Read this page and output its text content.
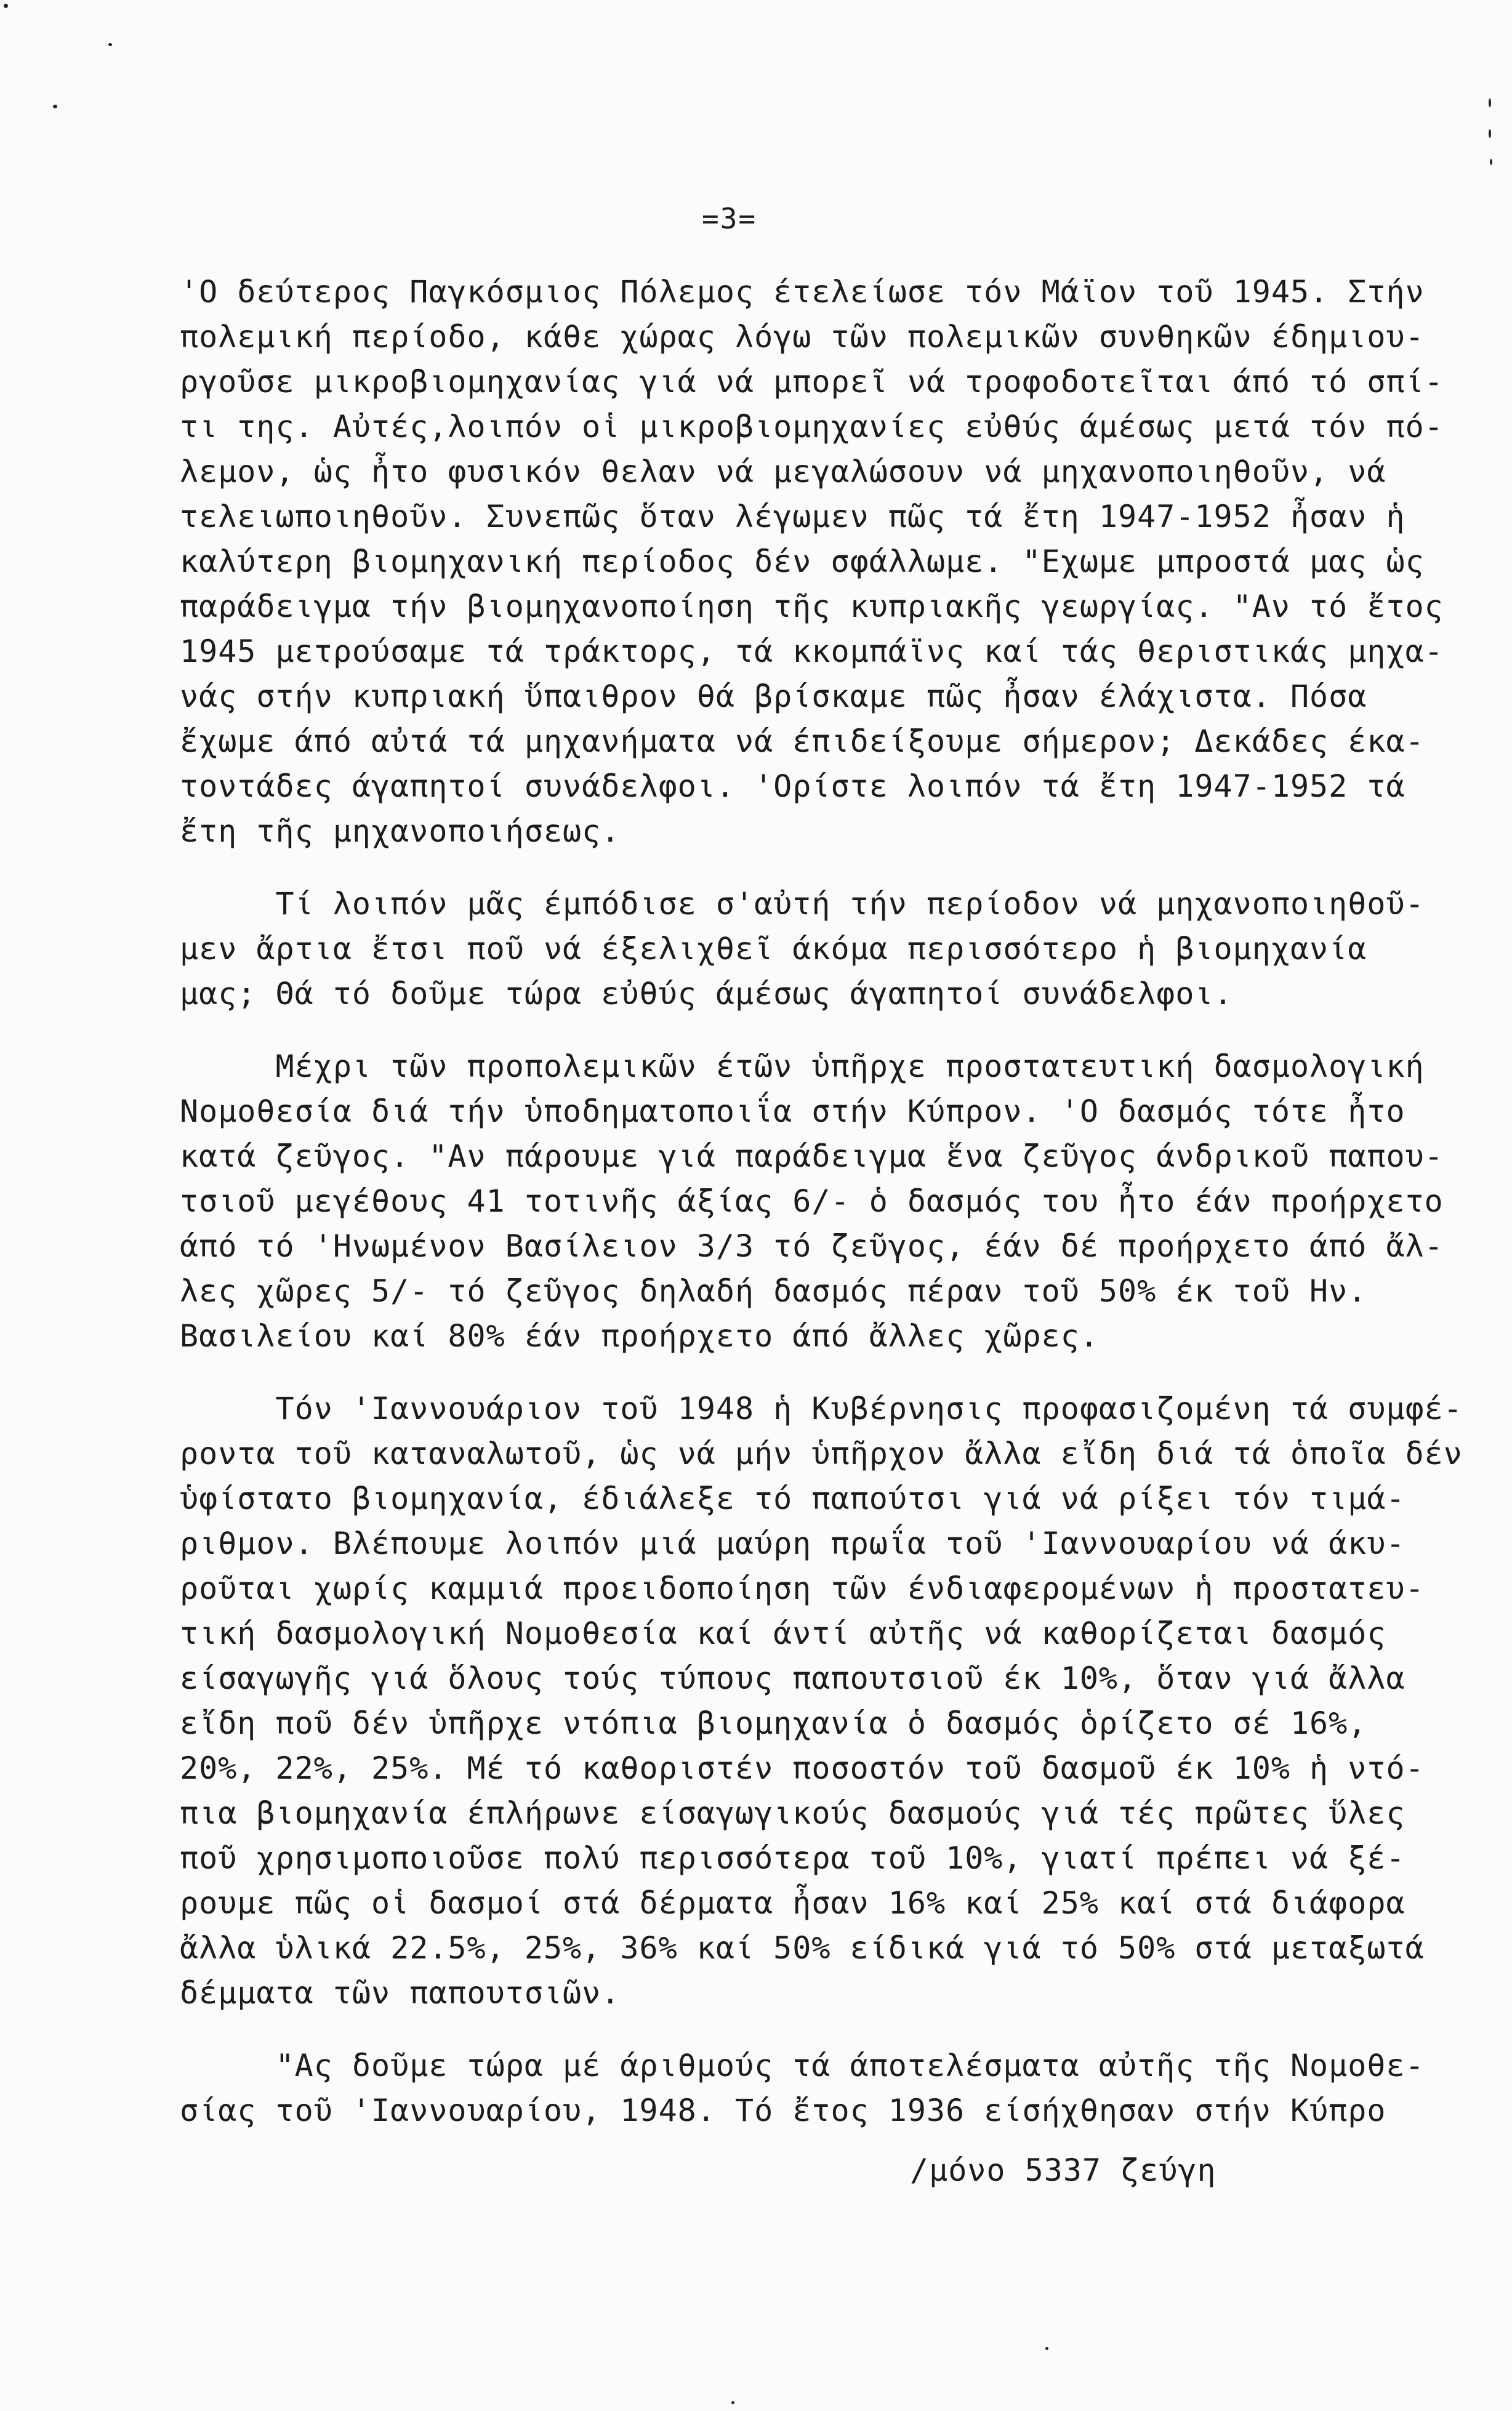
=3=
'Ο δεύτερος Παγκόσμιος Πόλεμος έτελείωσε τόν Μάϊον τοῦ 1945. Στήν
πολεμική περίοδο, κάθε χώρας λόγω τῶν πολεμικῶν συνθηκῶν έδημιου-
ργοῦσε μικροβιομηχανίας γιά νά μπορεῖ νά τροφοδοτεῖται άπό τό σπί-
τι της. Αὐτές,λοιπόν οἱ μικροβιομηχανίες εὐθύς άμέσως μετά τόν πό-
λεμον, ὡς ἦτο φυσικόν θελαν νά μεγαλώσουν νά μηχανοποιηθοῦν, νά
τελειωποιηθοῦν. Συνεπῶς ὅταν λέγωμεν πῶς τά ἔτη 1947-1952 ἦσαν ἡ
καλύτερη βιομηχανική περίοδος δέν σφάλλωμε. "Εχωμε μπροστά μας ὡς
παράδειγμα τήν βιομηχανοποίηση τῆς κυπριακῆς γεωργίας. "Αν τό ἔτος
1945 μετρούσαμε τά τράκτορς, τά κκομπάϊνς καί τάς θεριστικάς μηχα-
νάς στήν κυπριακή ὕπαιθρον θά βρίσκαμε πῶς ἦσαν έλάχιστα. Πόσα
ἔχωμε άπό αὐτά τά μηχανήματα νά έπιδείξουμε σήμερον; Δεκάδες έκα-
τοντάδες άγαπητοί συνάδελφοι. 'Ορίστε λοιπόν τά ἔτη 1947-1952 τά
ἔτη τῆς μηχανοποιήσεως.
Τί λοιπόν μᾶς έμπόδισε σ'αὐτή τήν περίοδον νά μηχανοποιηθοῦ-
μεν ἄρτια ἔτσι ποῦ νά έξελιχθεῖ άκόμα περισσότερο ἡ βιομηχανία
μας; Θά τό δοῦμε τώρα εὐθύς άμέσως άγαπητοί συνάδελφοι.
Μέχρι τῶν προπολεμικῶν έτῶν ὑπῆρχε προστατευτική δασμολογική
Νομοθεσία διά τήν ὑποδηματοποιΐα στήν Κύπρον. 'Ο δασμός τότε ἦτο
κατά ζεῦγος. "Αν πάρουμε γιά παράδειγμα ἕνα ζεῦγος άνδρικοῦ παπου-
τσιοῦ μεγέθους 41 τοτινῆς άξίας 6/- ὁ δασμός του ἦτο έάν προήρχετο
άπό τό 'Ηνωμένον Βασίλειον 3/3 τό ζεῦγος, έάν δέ προήρχετο άπό ἄλ-
λες χῶρες 5/- τό ζεῦγος δηλαδή δασμός πέραν τοῦ 50% έκ τοῦ Ην.
Βασιλείου καί 80% έάν προήρχετο άπό ἄλλες χῶρες.
Τόν 'Ιαννουάριον τοῦ 1948 ἡ Κυβέρνησις προφασιζομένη τά συμφέ-
ροντα τοῦ καταναλωτοῦ, ὡς νά μήν ὑπῆρχον ἄλλα εἴδη διά τά ὁποῖα δέν
ὑφίστατο βιομηχανία, έδιάλεξε τό παπούτσι γιά νά ρίξει τόν τιμά-
ριθμον. Βλέπουμε λοιπόν μιά μαύρη πρωΐα τοῦ 'Ιαννουαρίου νά άκυ-
ροῦται χωρίς καμμιά προειδοποίηση τῶν ένδιαφερομένων ἡ προστατευ-
τική δασμολογική Νομοθεσία καί άντί αὐτῆς νά καθορίζεται δασμός
είσαγωγῆς γιά ὅλους τούς τύπους παπουτσιοῦ έκ 10%, ὅταν γιά ἄλλα
εἴδη ποῦ δέν ὑπῆρχε ντόπια βιομηχανία ὁ δασμός ὁρίζετο σέ 16%,
20%, 22%, 25%. Μέ τό καθοριστέν ποσοστόν τοῦ δασμοῦ έκ 10% ἡ ντό-
πια βιομηχανία έπλήρωνε είσαγωγικούς δασμούς γιά τές πρῶτες ὕλες
ποῦ χρησιμοποιοῦσε πολύ περισσότερα τοῦ 10%, γιατί πρέπει νά ξέ-
ρουμε πῶς οἱ δασμοί στά δέρματα ἦσαν 16% καί 25% καί στά διάφορα
ἄλλα ὑλικά 22.5%, 25%, 36% καί 50% είδικά γιά τό 50% στά μεταξωτά
δέμματα τῶν παπουτσιῶν.
"Ας δοῦμε τώρα μέ άριθμούς τά άποτελέσματα αὐτῆς τῆς Νομοθε-
σίας τοῦ 'Ιαννουαρίου, 1948. Τό ἔτος 1936 είσήχθησαν στήν Κύπρο
/μόνο 5337 ζεύγη
